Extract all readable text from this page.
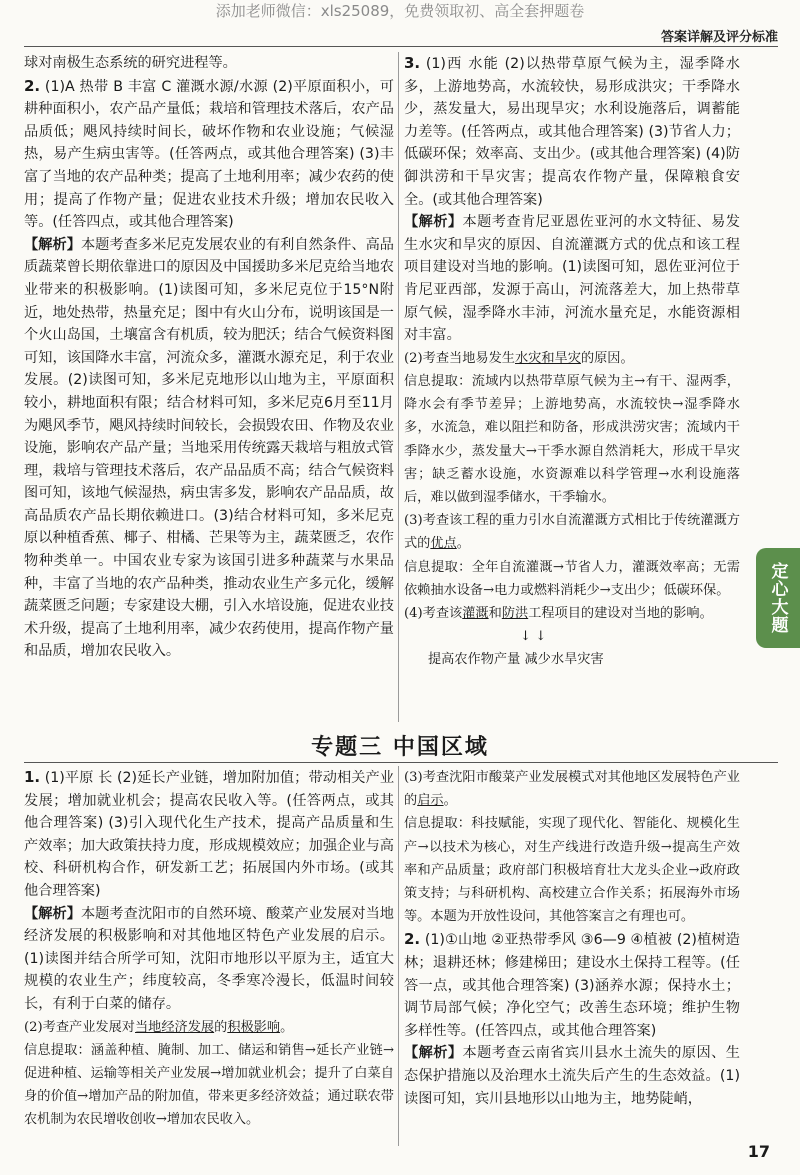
添加老师微信：xls25089，免费领取初、高全套押题卷
答案详解及评分标准

球对南极生态系统的研究进程等。

2. (1)A 热带 B 丰富 C 灌溉水源/水源 (2)平原面积小，可耕种面积小，农产品产量低；栽培和管理技术落后，农产品品质低；飓风持续时间长，破坏作物和农业设施；气候湿热，易产生病虫害等。(任答两点，或其他合理答案) (3)丰富了当地的农产品种类；提高了土地利用率；减少农药的使用；提高了作物产量；促进农业技术升级；增加农民收入等。(任答四点，或其他合理答案)

【解析】本题考查多米尼克发展农业的有利自然条件、高品质蔬菜曾长期依靠进口的原因及中国援助多米尼克给当地农业带来的积极影响。(1)读图可知，多米尼克位于15°N附近，地处热带，热量充足；图中有火山分布，说明该国是一个火山岛国，土壤富含有机质，较为肥沃；结合气候资料图可知，该国降水丰富，河流众多，灌溉水源充足，利于农业发展。(2)读图可知，多米尼克地形以山地为主，平原面积较小，耕地面积有限；结合材料可知，多米尼克6月至11月为飓风季节，飓风持续时间较长，会损毁农田、作物及农业设施，影响农产品产量；当地采用传统露天栽培与粗放式管理，栽培与管理技术落后，农产品品质不高；结合气候资料图可知，该地气候湿热，病虫害多发，影响农产品品质，故高品质农产品长期依赖进口。(3)结合材料可知，多米尼克原以种植香蕉、椰子、柑橘、芒果等为主，蔬菜匮乏，农作物种类单一。中国农业专家为该国引进多种蔬菜与水果品种，丰富了当地的农产品种类，推动农业生产多元化，缓解蔬菜匮乏问题；专家建设大棚，引入水培设施，促进农业技术升级，提高了土地利用率，减少农药使用，提高作物产量和品质，增加农民收入。

3. (1)西 水能 (2)以热带草原气候为主，湿季降水多，上游地势高，水流较快，易形成洪灾；干季降水少，蒸发量大，易出现旱灾；水利设施落后，调蓄能力差等。(任答两点，或其他合理答案) (3)节省人力；低碳环保；效率高、支出少。(或其他合理答案) (4)防御洪涝和干旱灾害；提高农作物产量，保障粮食安全。(或其他合理答案)

【解析】本题考查肯尼亚恩佐亚河的水文特征、易发生水灾和旱灾的原因、自流灌溉方式的优点和该工程项目建设对当地的影响。(1)读图可知，恩佐亚河位于肯尼亚西部，发源于高山，河流落差大，加上热带草原气候，湿季降水丰沛，河流水量充足，水能资源相对丰富。

(2)考查当地易发生水灾和旱灾的原因。

信息提取：流域内以热带草原气候为主→有干、湿两季，降水会有季节差异；上游地势高，水流较快→湿季降水多，水流急，难以阻拦和防备，形成洪涝灾害；流域内干季降水少，蒸发量大→干季水源自然消耗大，形成干旱灾害；缺乏蓄水设施，水资源难以科学管理→水利设施落后，难以做到湿季储水，干季输水。

(3)考查该工程的重力引水自流灌溉方式相比于传统灌溉方式的优点。

信息提取：全年自流灌溉→节省人力，灌溉效率高；无需依赖抽水设备→电力或燃料消耗少→支出少；低碳环保。

(4)考查该灌溉和防洪工程项目的建设对当地的影响。

↓ ↓

提高农作物产量 减少水旱灾害

定心大题
专题三 中国区域

1. (1)平原 长 (2)延长产业链，增加附加值；带动相关产业发展；增加就业机会；提高农民收入等。(任答两点，或其他合理答案) (3)引入现代化生产技术，提高产品质量和生产效率；加大政策扶持力度，形成规模效应；加强企业与高校、科研机构合作，研发新工艺；拓展国内外市场。(或其他合理答案)

【解析】本题考查沈阳市的自然环境、酸菜产业发展对当地经济发展的积极影响和对其他地区特色产业发展的启示。(1)读图并结合所学可知，沈阳市地形以平原为主，适宜大规模的农业生产；纬度较高，冬季寒冷漫长，低温时间较长，有利于白菜的储存。

(2)考查产业发展对当地经济发展的积极影响。

信息提取：涵盖种植、腌制、加工、储运和销售→延长产业链→促进种植、运输等相关产业发展→增加就业机会；提升了白菜自身的价值→增加产品的附加值，带来更多经济效益；通过联农带农机制为农民增收创收→增加农民收入。

(3)考查沈阳市酸菜产业发展模式对其他地区发展特色产业的启示。

信息提取：科技赋能，实现了现代化、智能化、规模化生产→以技术为核心，对生产线进行改造升级→提高生产效率和产品质量；政府部门积极培育壮大龙头企业→政府政策支持；与科研机构、高校建立合作关系；拓展海外市场等。本题为开放性设问，其他答案言之有理也可。

2. (1)①山地 ②亚热带季风 ③6—9 ④植被 (2)植树造林；退耕还林；修建梯田；建设水土保持工程等。(任答一点，或其他合理答案) (3)涵养水源；保持水土；调节局部气候；净化空气；改善生态环境；维护生物多样性等。(任答四点，或其他合理答案)

【解析】本题考查云南省宾川县水土流失的原因、生态保护措施以及治理水土流失后产生的生态效益。(1)读图可知，宾川县地形以山地为主，地势陡峭，

17
